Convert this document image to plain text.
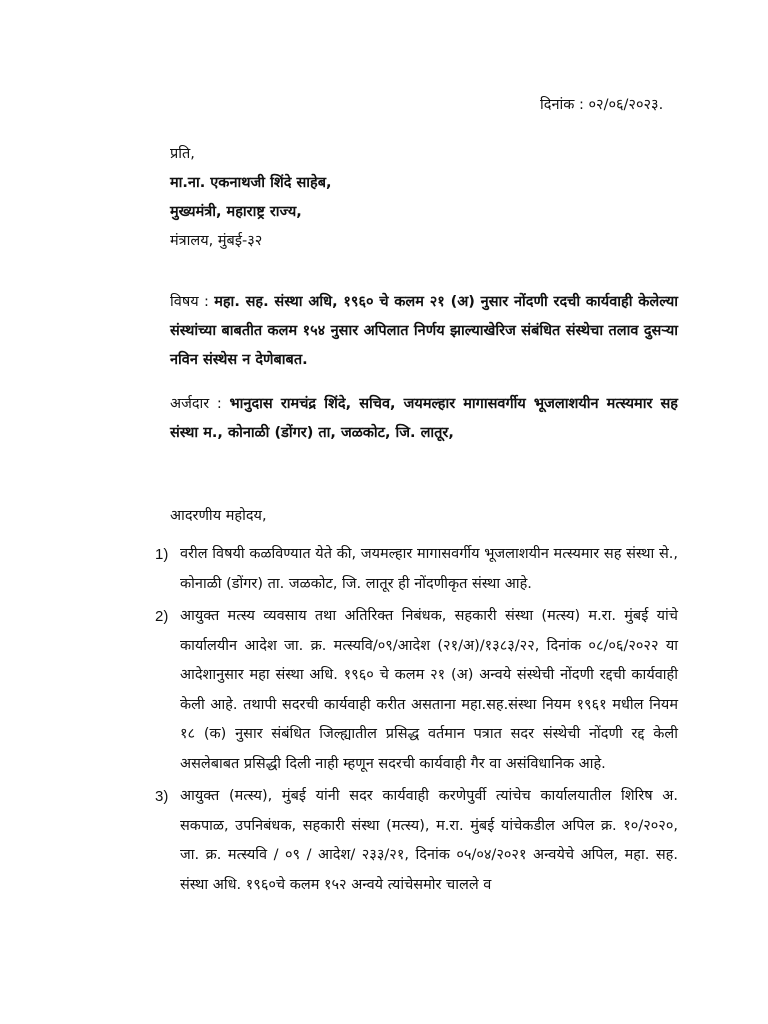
दिनांक : ०२/०६/२०२३.
प्रति,
मा.ना. एकनाथजी शिंदे साहेब,
मुख्यमंत्री, महाराष्ट्र राज्य,
मंत्रालय, मुंबई-३२
विषय : महा. सह. संस्था अधि, १९६० चे कलम २१ (अ) नुसार नोंदणी रदची कार्यवाही केलेल्या संस्थांच्या बाबतीत कलम १५४ नुसार अपिलात निर्णय झाल्याखेरिज संबंधित संस्थेचा तलाव दुसऱ्या नविन संस्थेस न देणेबाबत.
अर्जदार : भानुदास रामचंद्र शिंदे, सचिव, जयमल्हार मागासवर्गीय भूजलाशयीन मत्स्यमार सह संस्था म., कोनाळी (डोंगर) ता, जळकोट, जि. लातूर,
आदरणीय महोदय,
1) वरील विषयी कळविण्यात येते की, जयमल्हार मागासवर्गीय भूजलाशयीन मत्स्यमार सह संस्था से., कोनाळी (डोंगर) ता. जळकोट, जि. लातूर ही नोंदणीकृत संस्था आहे.
2) आयुक्त मत्स्य व्यवसाय तथा अतिरिक्त निबंधक, सहकारी संस्था (मत्स्य) म.रा. मुंबई यांचे कार्यालयीन आदेश जा. क्र. मत्स्यवि/०९/आदेश (२१/अ)/१३८३/२२, दिनांक ०८/०६/२०२२ या आदेशानुसार महा संस्था अधि. १९६० चे कलम २१ (अ) अन्वये संस्थेची नोंदणी रद्दची कार्यवाही केली आहे. तथापी सदरची कार्यवाही करीत असताना महा.सह.संस्था नियम १९६१ मधील नियम १८ (क) नुसार संबंधित जिल्ह्यातील प्रसिद्ध वर्तमान पत्रात सदर संस्थेची नोंदणी रद्द केली असलेबाबत प्रसिद्धी दिली नाही म्हणून सदरची कार्यवाही गैर वा असंविधानिक आहे.
3) आयुक्त (मत्स्य), मुंबई यांनी सदर कार्यवाही करणेपुर्वी त्यांचेच कार्यालयातील शिरिष अ. सकपाळ, उपनिबंधक, सहकारी संस्था (मत्स्य), म.रा. मुंबई यांचेकडील अपिल क्र. १०/२०२०, जा. क्र. मत्स्यवि / ०९ / आदेश/ २३३/२१, दिनांक ०५/०४/२०२१ अन्वयेचे अपिल, महा. सह. संस्था अधि. १९६०चे कलम १५२ अन्वये त्यांचेसमोर चालले व
